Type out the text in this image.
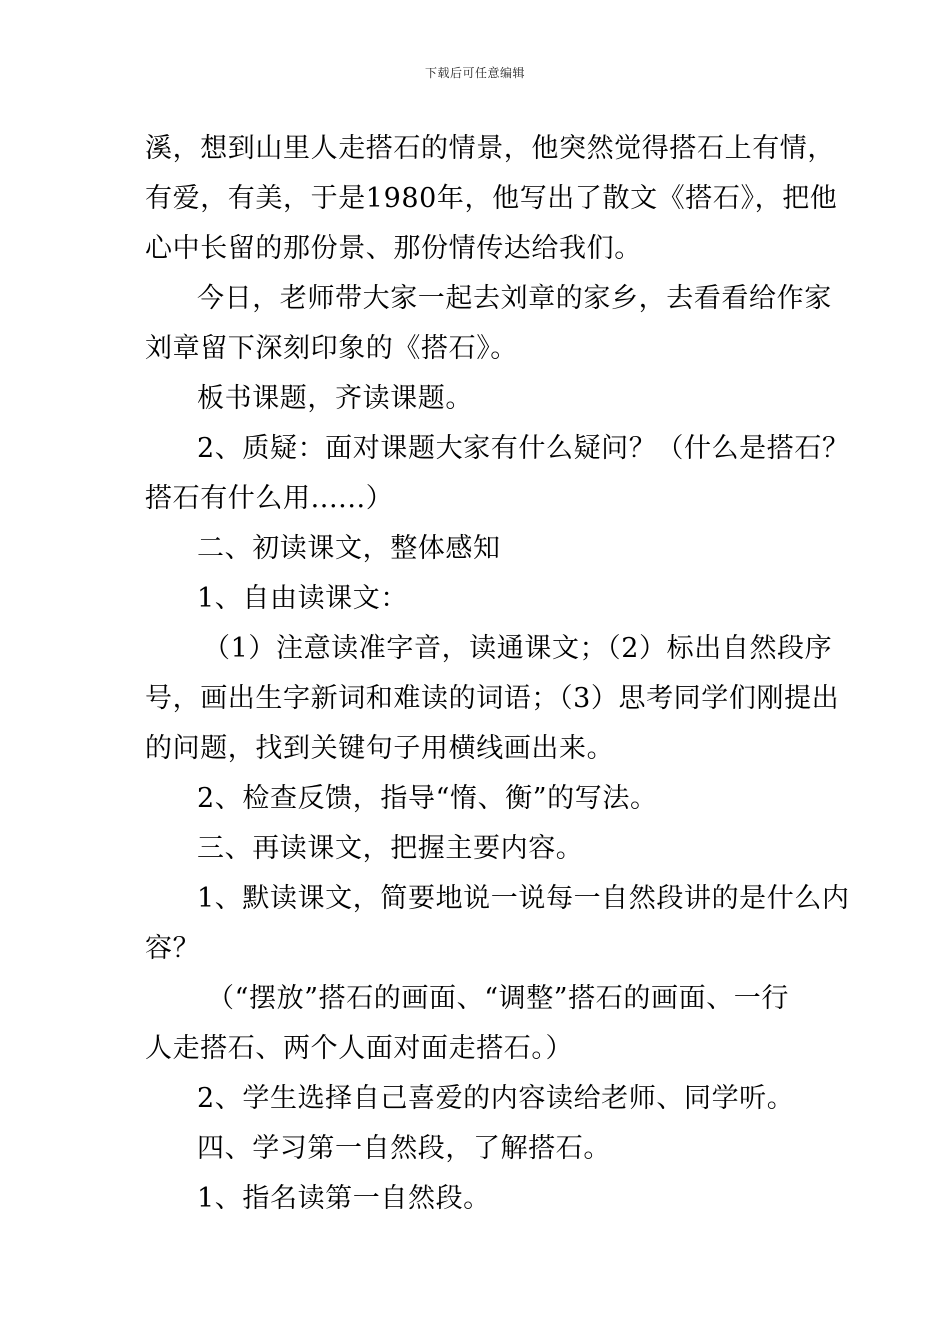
下载后可任意编辑
溪，想到山里人走搭石的情景，他突然觉得搭石上有情，
有爱，有美，于是1980年，他写出了散文《搭石》，把他
心中长留的那份景、那份情传达给我们。
今日，老师带大家一起去刘章的家乡，去看看给作家
刘章留下深刻印象的《搭石》。
板书课题，齐读课题。
2、质疑：面对课题大家有什么疑问？（什么是搭石？
搭石有什么用......）
二、初读课文，整体感知
1、自由读课文：
（1）注意读准字音，读通课文；（2）标出自然段序
号，画出生字新词和难读的词语；（3）思考同学们刚提出
的问题，找到关键句子用横线画出来。
2、检查反馈，指导“惰、衡”的写法。
三、再读课文，把握主要内容。
1、默读课文，简要地说一说每一自然段讲的是什么内
容？
（“摆放”搭石的画面、“调整”搭石的画面、一行
人走搭石、两个人面对面走搭石。）
2、学生选择自己喜爱的内容读给老师、同学听。
四、学习第一自然段，了解搭石。
1、指名读第一自然段。
